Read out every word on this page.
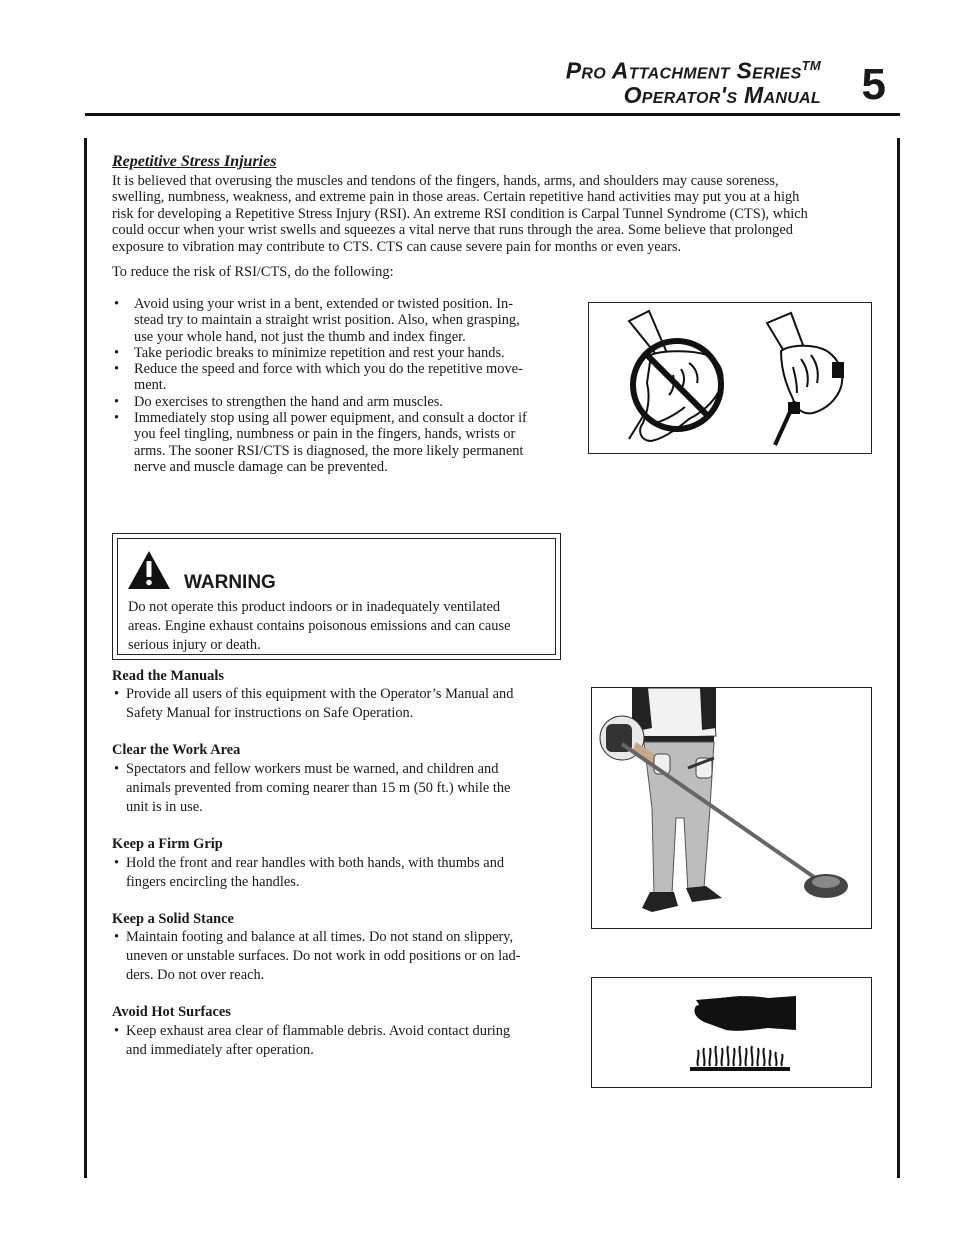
Pro Attachment Series™
Operator's Manual 5
Repetitive Stress Injuries
It is believed that overusing the muscles and tendons of the fingers, hands, arms, and shoulders may cause soreness,
swelling, numbness, weakness, and extreme pain in those areas. Certain repetitive hand activities may put you at a high
risk for developing a Repetitive Stress Injury (RSI). An extreme RSI condition is Carpal Tunnel Syndrome (CTS), which
could occur when your wrist swells and squeezes a vital nerve that runs through the area. Some believe that prolonged
exposure to vibration may contribute to CTS. CTS can cause severe pain for months or even years.
To reduce the risk of RSI/CTS, do the following:
• Avoid using your wrist in a bent, extended or twisted position. In-
stead try to maintain a straight wrist position. Also, when grasping,
use your whole hand, not just the thumb and index finger.
• Take periodic breaks to minimize repetition and rest your hands.
• Reduce the speed and force with which you do the repetitive move-
ment.
• Do exercises to strengthen the hand and arm muscles.
• Immediately stop using all power equipment, and consult a doctor if
you feel tingling, numbness or pain in the fingers, hands, wrists or
arms. The sooner RSI/CTS is diagnosed, the more likely permanent
nerve and muscle damage can be prevented.
WARNING
Do not operate this product indoors or in inadequately ventilated
areas. Engine exhaust contains poisonous emissions and can cause
serious injury or death.
Read the Manuals
• Provide all users of this equipment with the Operator’s Manual and
Safety Manual for instructions on Safe Operation.
Clear the Work Area
• Spectators and fellow workers must be warned, and children and
animals prevented from coming nearer than 15 m (50 ft.) while the
unit is in use.
Keep a Firm Grip
• Hold the front and rear handles with both hands, with thumbs and
fingers encircling the handles.
Keep a Solid Stance
• Maintain footing and balance at all times. Do not stand on slippery,
uneven or unstable surfaces. Do not work in odd positions or on lad-
ders. Do not over reach.
Avoid Hot Surfaces
• Keep exhaust area clear of flammable debris. Avoid contact during
and immediately after operation.
